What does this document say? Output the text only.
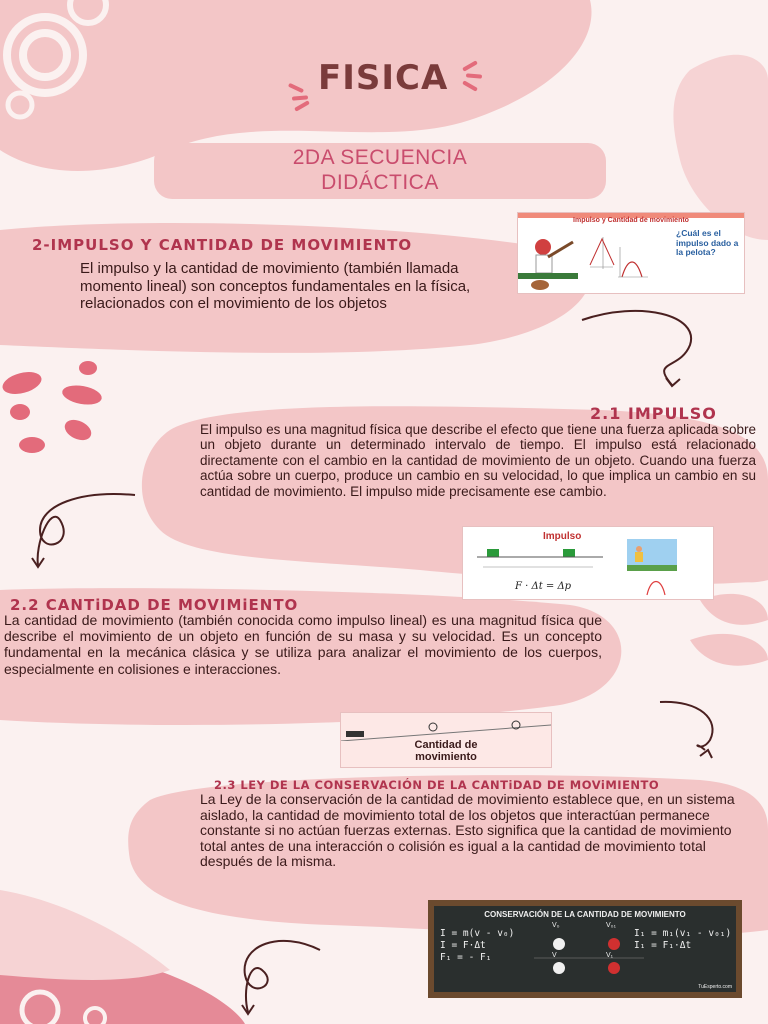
FISICA
2DA SECUENCIA
DIDÁCTICA
2-IMPULSO Y CANTIDAD DE MOVIMIENTO
El impulso y la cantidad de movimiento (también llamada momento lineal) son conceptos fundamentales en la física, relacionados con el movimiento de los objetos
Impulso y Cantidad de movimiento
¿Cuál es el impulso dado a la pelota?
2.1 IMPULSO
El impulso es una magnitud física que describe el efecto que tiene una fuerza aplicada sobre un objeto durante un determinado intervalo de tiempo. El impulso está relacionado directamente con el cambio en la cantidad de movimiento de un objeto. Cuando una fuerza actúa sobre un cuerpo, produce un cambio en su velocidad, lo que implica un cambio en su cantidad de movimiento. El impulso mide precisamente ese cambio.
Impulso
F · Δt = Δp
2.2 CANTiDAD DE MOVIMiENTO
La cantidad de movimiento (también conocida como impulso lineal) es una magnitud física que describe el movimiento de un objeto en función de su masa y su velocidad. Es un concepto fundamental en la mecánica clásica y se utiliza para analizar el movimiento de los cuerpos, especialmente en colisiones e interacciones.
Cantidad de
movimiento
2.3 LEY DE LA CONSERVACIÓN DE LA CANTiDAD DE MOViMIENTO
La Ley de la conservación de la cantidad de movimiento establece que, en un sistema aislado, la cantidad de movimiento total de los objetos que interactúan permanece constante si no actúan fuerzas externas. Esto significa que la cantidad de movimiento total antes de una interacción o colisión es igual a la cantidad de movimiento total después de la misma.
CONSERVACIÓN DE LA CANTIDAD DE MOVIMIENTO
I = m(v - v₀)
I = F·Δt
F₁ = - F₁
I₁ = m₁(v₁ - v₀₁)
I₁ = F₁·Δt
V₀	V₀₁
V	V₁
TuEsperto.com
